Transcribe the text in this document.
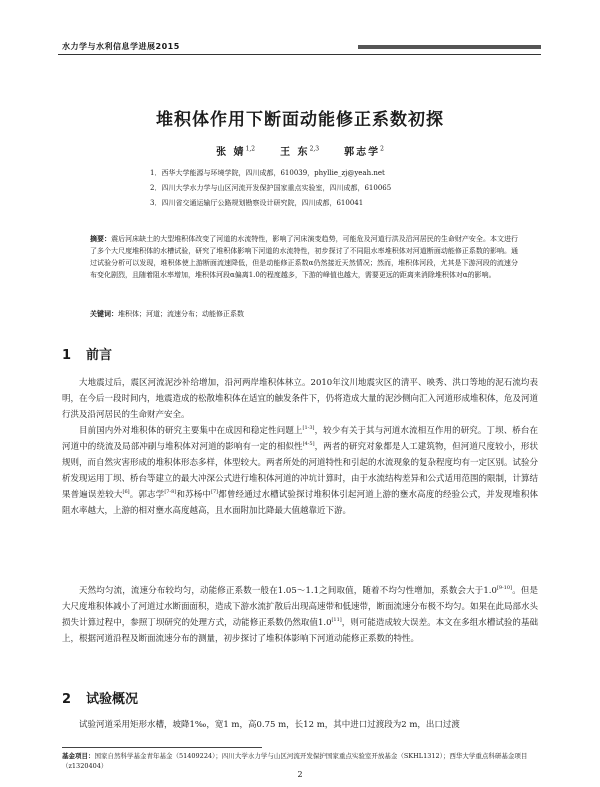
水力学与水利信息学进展2015
堆积体作用下断面动能修正系数初探
张 婧$^{1,2}$ 王 东$^{2,3}$ 郭志学$^2$
1．西华大学能源与环境学院，四川成都，610039，phyllie_zj@yeah.net
2．四川大学水力学与山区河流开发保护国家重点实验室，四川成都，610065
3．四川省交通运输厅公路规划勘察设计研究院，四川成都，610041
摘要：震后河床缺土的大型堆积体改变了河道的水流特性，影响了河床演变趋势，可能危及河道行洪及沿河居民的生命财产安全。本文进行了多个大尺度堆积体的水槽试验，研究了堆积体影响下河道的水流特性，初步探讨了不同阻水率堆积体对河道断面动能修正系数的影响。通过试验分析可以发现，堆积体使上游断面流速降低，但是动能修正系数α仍然接近天然情况；然而，堆积体河段，尤其是下游河段的流速分布变化剧烈，且随着阻水率增加，堆积体河段α偏离1.0的程度越多，下游的峰值也越大，需要更远的距离来消除堆积体对α的影响。
关键词：堆积体；河道；流速分布；动能修正系数
1 前言
大地震过后，震区河流泥沙补给增加，沿河两岸堆积体林立。2010年汶川地震灾区的清平、映秀、洪口等地的泥石流均表明，在今后一段时间内，地震造成的松散堆积体在适宜的触发条件下，仍将造成大量的泥沙侧向汇入河道形成堆积体，危及河道行洪及沿河居民的生命财产安全。
目前国内外对堆积体的研究主要集中在成因和稳定性问题上[1-3]，较少有关于其与河道水流相互作用的研究。丁坝、桥台在河道中的绕流及局部冲刷与堆积体对河道的影响有一定的相似性[4-5]，两者的研究对象都是人工建筑物，但河道尺度较小，形状规则，而自然灾害形成的堆积体形态多样，体型较大。两者所处的河道特性和引起的水流现象的复杂程度均有一定区别。试验分析发现运用丁坝、桥台等建立的最大冲深公式进行堆积体河道的冲坑计算时，由于水流结构差异和公式适用范围的限制，计算结果普遍误差较大[6]。郭志学[7-8]和苏杨中[7]都曾经通过水槽试验探讨堆积体引起河道上游的壅水高度的经验公式，并发现堆积体阻水率越大，上游的相对壅水高度越高，且水面附加比降最大值越靠近下游。
天然均匀流，流速分布较均匀，动能修正系数一般在1.05～1.1之间取值，随着不均匀性增加，系数会大于1.0[9-10]。但是大尺度堆积体减小了河道过水断面面积，造成下游水流扩散后出现高速带和低速带，断面流速分布极不均匀。如果在此局部水头损失计算过程中，参照丁坝研究的处理方式，动能修正系数仍然取值1.0[11]，则可能造成较大误差。本文在多组水槽试验的基础上，根据河道沿程及断面流速分布的测量，初步探讨了堆积体影响下河道动能修正系数的特性。
2 试验概况
试验河道采用矩形水槽，坡降1‰，宽1 m，高0.75 m，长12 m，其中进口过渡段为2 m，出口过渡
基金项目：国家自然科学基金青年基金（51409224）；四川大学水力学与山区河流开发保护国家重点实验室开放基金（SKHL1312）；西华大学重点科研基金项目（z1320404）
2
